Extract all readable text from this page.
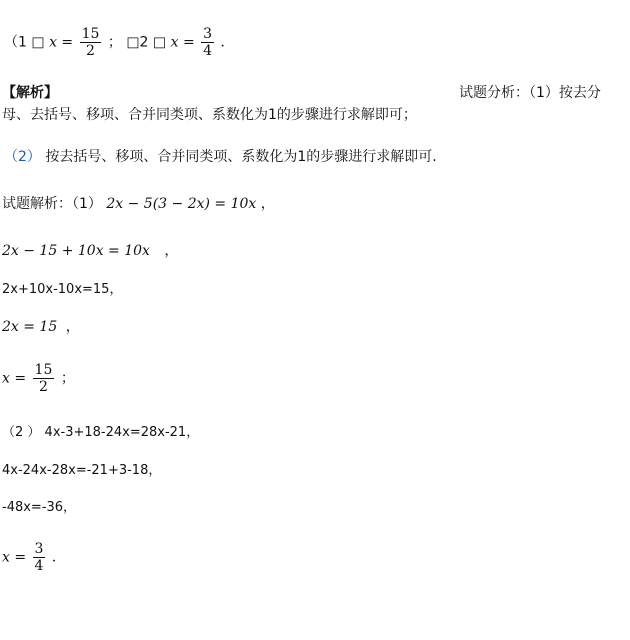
（1 □ $x = \frac{15}{2}$ ； □2 □ $x = \frac{3}{4}$ ．
【解析】	试题分析：（1）按去分
母、去括号、移项、合并同类项、系数化为1的步骤进行求解即可；
（2） 按去括号、移项、合并同类项、系数化为1的步骤进行求解即可.
试题解析：（1） 2x − 5(3 − 2x) = 10x ，
2x − 15 + 10x = 10x ，
2x+10x-10x=15，
2x = 15 ，
$x = \frac{15}{2}$ ；
（2 ） 4x-3+18-24x=28x-21，
4x-24x-28x=-21+3-18，
-48x=-36，
$x = \frac{3}{4}$ ．
